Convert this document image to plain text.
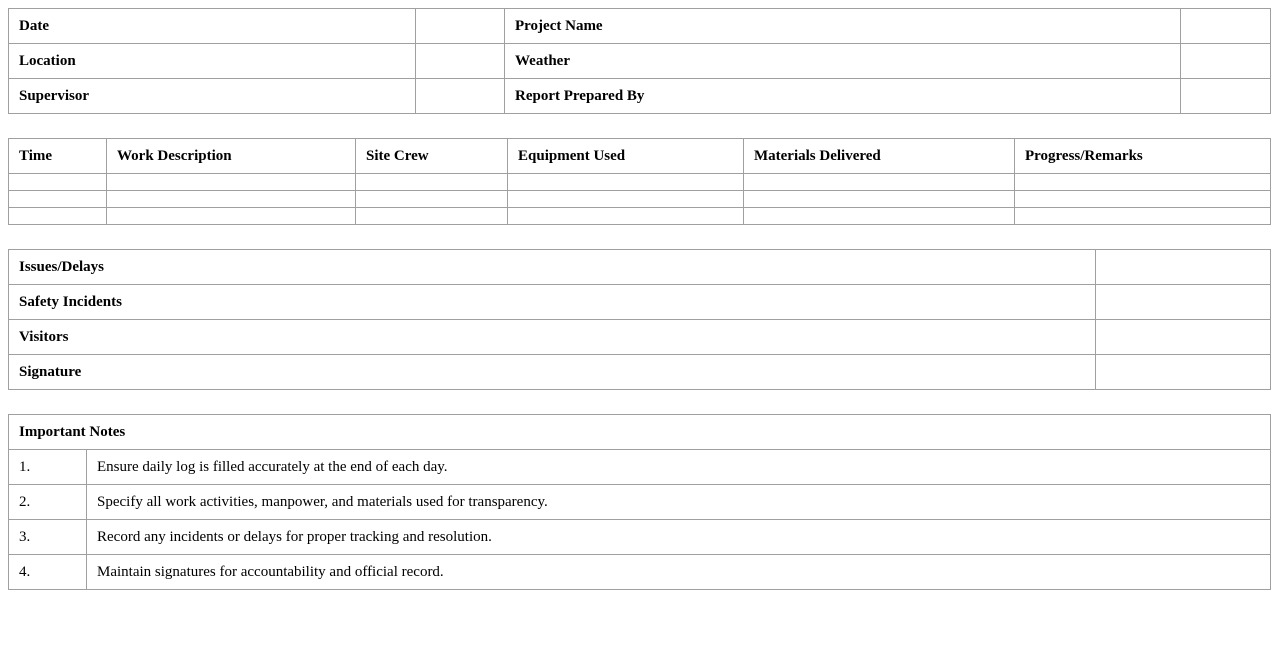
Date		Project Name	
Location		Weather	
Supervisor		Report Prepared By	
Time	Work Description	Site Crew	Equipment Used	Materials Delivered	Progress/Remarks

Issues/Delays	
Safety Incidents	
Visitors	
Signature	
Important Notes	
1.	Ensure daily log is filled accurately at the end of each day.
2.	Specify all work activities, manpower, and materials used for transparency.
3.	Record any incidents or delays for proper tracking and resolution.
4.	Maintain signatures for accountability and official record.
